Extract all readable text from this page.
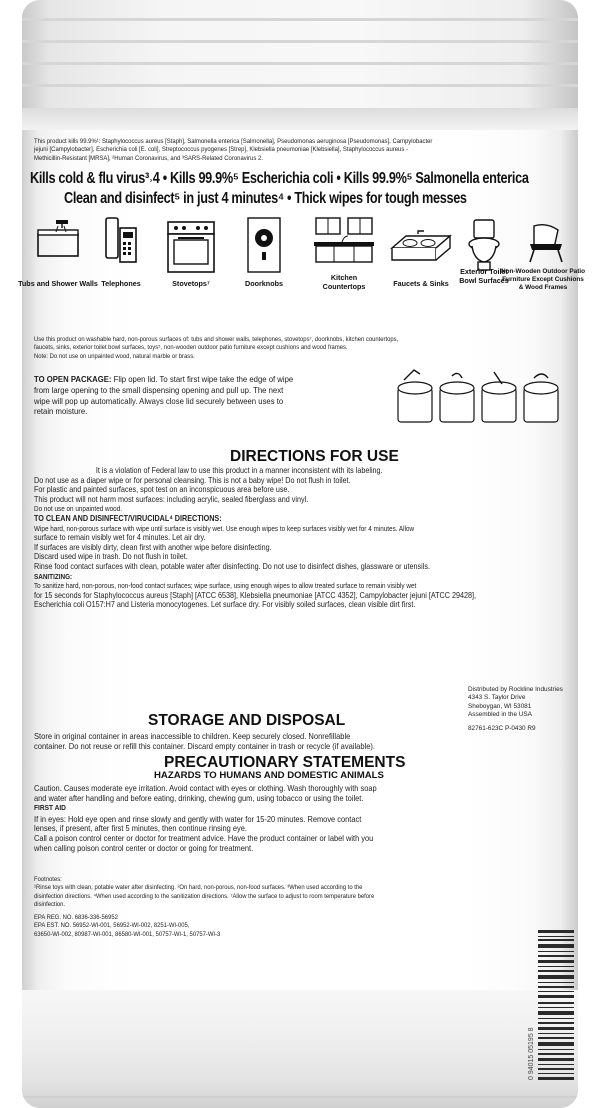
This product kills 99.9%¹: Staphylococcus aureus [Staph], Salmonella enterica [Salmonella], Pseudomonas aeruginosa [Pseudomonas], Campylobacter
jejuni [Campylobacter], Escherichia coli [E. coli], Streptococcus pyogenes [Strep], Klebsiella pneumoniae [Klebsiella], Staphylococcus aureus -
Methicillin-Resistant [MRSA], ²Human Coronavirus, and ³SARS-Related Coronavirus 2.
Kills cold & flu virus³˒4 • Kills 99.9%⁵ Escherichia coli • Kills 99.9%⁵ Salmonella enterica
Clean and disinfect⁵ in just 4 minutes⁴ • Thick wipes for tough messes
Tubs and Shower Walls Telephones	Stovetops⁷	Doorknobs
Kitchen Countertops	Faucets & Sinks
Exterior Toilet Bowl Surfaces
Non-Wooden Outdoor Patio Furniture Except Cushions & Wood Frames
Use this product on washable hard, non-porous surfaces of: tubs and shower walls, telephones, stovetops⁷, doorknobs, kitchen countertops,
faucets, sinks, exterior toilet bowl surfaces, toys⁵, non-wooden outdoor patio furniture except cushions and wood frames.
Note: Do not use on unpainted wood, natural marble or brass.
TO OPEN PACKAGE: Flip open lid. To start first wipe take the edge of wipe
from large opening to the small dispensing opening and pull up. The next
wipe will pop up automatically. Always close lid securely between uses to
retain moisture.
DIRECTIONS FOR USE
It is a violation of Federal law to use this product in a manner inconsistent with its labeling.
Do not use as a diaper wipe or for personal cleansing. This is not a baby wipe! Do not flush in toilet.
For plastic and painted surfaces, spot test on an inconspicuous area before use.
This product will not harm most surfaces: including acrylic, sealed fiberglass and vinyl.
Do not use on unpainted wood.
TO CLEAN AND DISINFECT/VIRUCIDAL⁴ DIRECTIONS:
Wipe hard, non-porous surface with wipe until surface is visibly wet. Use enough wipes to keep surfaces visibly wet for 4 minutes. Allow
surface to remain visibly wet for 4 minutes. Let air dry.
If surfaces are visibly dirty, clean first with another wipe before disinfecting.
Discard used wipe in trash. Do not flush in toilet.
Rinse food contact surfaces with clean, potable water after disinfecting. Do not use to disinfect dishes, glassware or utensils.
SANITIZING:
To sanitize hard, non-porous, non-food contact surfaces; wipe surface, using enough wipes to allow treated surface to remain visibly wet
for 15 seconds for Staphylococcus aureus [Staph] [ATCC 6538], Klebsiella pneumoniae [ATCC 4352], Campylobacter jejuni [ATCC 29428],
Escherichia coli O157:H7 and Listeria monocytogenes. Let surface dry. For visibly soiled surfaces, clean visible dirt first.
STORAGE AND DISPOSAL
Store in original container in areas inaccessible to children. Keep securely closed. Nonrefillable
container. Do not reuse or refill this container. Discard empty container in trash or recycle (if available).
Distributed by Rockline Industries
4343 S. Taylor Drive
Sheboygan, WI 53081
Assembled in the USA
82761-623C P-0430 R9
PRECAUTIONARY STATEMENTS
HAZARDS TO HUMANS AND DOMESTIC ANIMALS
Caution. Causes moderate eye irritation. Avoid contact with eyes or clothing. Wash thoroughly with soap
and water after handling and before eating, drinking, chewing gum, using tobacco or using the toilet.
FIRST AID
If in eyes: Hold eye open and rinse slowly and gently with water for 15-20 minutes. Remove contact
lenses, if present, after first 5 minutes, then continue rinsing eye.
Call a poison control center or doctor for treatment advice. Have the product container or label with you
when calling poison control center or doctor or going for treatment.
Footnotes:
¹Rinse toys with clean, potable water after disinfecting. ²On hard, non-porous, non-food surfaces. ³When used according to the
disinfection directions. ⁴When used according to the sanitization directions. ⁷Allow the surface to adjust to room temperature before
disinfection.
EPA REG. NO. 6836-336-56952
EPA EST. NO. 56952-WI-001, 56952-WI-002, 8251-WI-005,
63650-WI-002, 80987-WI-001, 86580-WI-001, 50757-WI-1, 50757-WI-3
0 94015 05195 8
